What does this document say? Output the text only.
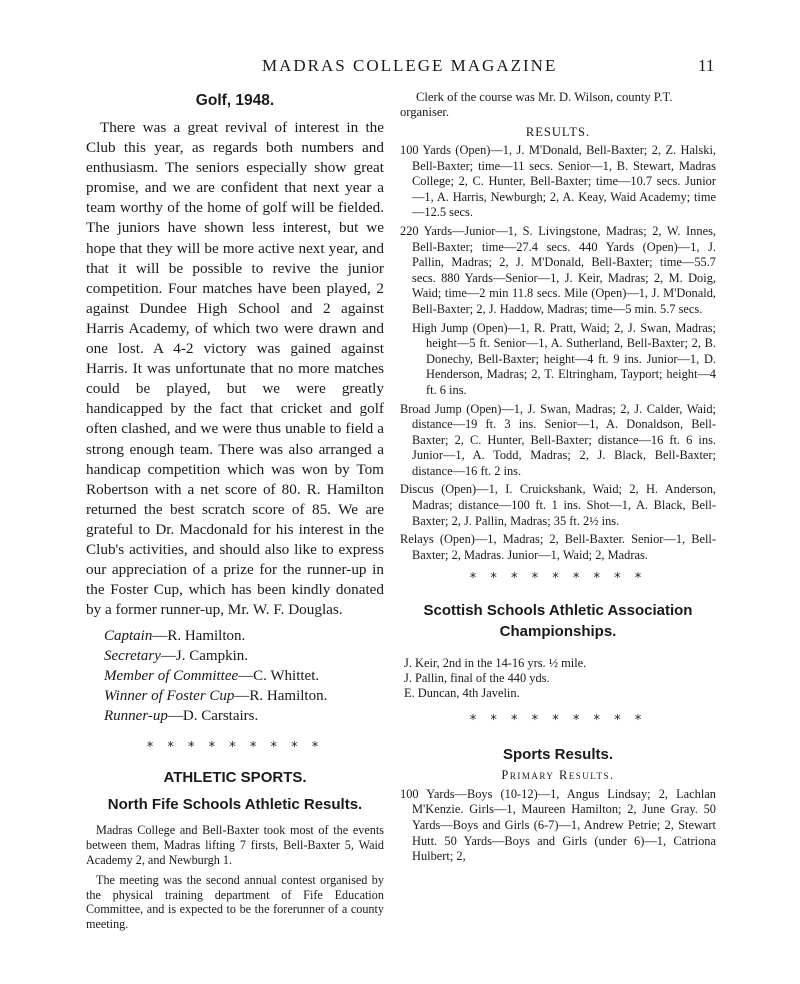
MADRAS COLLEGE MAGAZINE	11
Golf, 1948.

There was a great revival of interest in the Club this year, as regards both numbers and enthusiasm. The seniors especially show great promise, and we are confident that next year a team worthy of the home of golf will be fielded. The juniors have shown less interest, but we hope that they will be more active next year, and that it will be possible to revive the junior competition. Four matches have been played, 2 against Dundee High School and 2 against Harris Academy, of which two were drawn and one lost. A 4-2 victory was gained against Harris. It was unfortunate that no more matches could be played, but we were greatly handicapped by the fact that cricket and golf often clashed, and we were thus unable to field a strong enough team. There was also arranged a handicap competition which was won by Tom Robertson with a net score of 80. R. Hamilton returned the best scratch score of 85. We are grateful to Dr. Macdonald for his interest in the Club's activities, and should also like to express our appreciation of a prize for the runner-up in the Foster Cup, which has been kindly donated by a former runner-up, Mr. W. F. Douglas.

Captain—R. Hamilton.
Secretary—J. Campkin.
Member of Committee—C. Whittet.
Winner of Foster Cup—R. Hamilton.
Runner-up—D. Carstairs.
* * * * * * * * *
ATHLETIC SPORTS.
North Fife Schools Athletic Results.

Madras College and Bell-Baxter took most of the events between them, Madras lifting 7 firsts, Bell-Baxter 5, Waid Academy 2, and Newburgh 1.

The meeting was the second annual contest organised by the physical training department of Fife Education Committee, and is expected to be the forerunner of a county meeting.

Clerk of the course was Mr. D. Wilson, county P.T. organiser.

RESULTS.

100 Yards (Open)—1, J. M'Donald, Bell-Baxter; 2, Z. Halski, Bell-Baxter; time—11 secs. Senior—1, B. Stewart, Madras College; 2, C. Hunter, Bell-Baxter; time—10.7 secs. Junior—1, A. Harris, Newburgh; 2, A. Keay, Waid Academy; time—12.5 secs.

220 Yards—Junior—1, S. Livingstone, Madras; 2, W. Innes, Bell-Baxter; time—27.4 secs. 440 Yards (Open)—1, J. Pallin, Madras; 2, J. M'Donald, Bell-Baxter; time—55.7 secs. 880 Yards—Senior—1, J. Keir, Madras; 2, M. Doig, Waid; time—2 min 11.8 secs. Mile (Open)—1, J. M'Donald, Bell-Baxter; 2, J. Haddow, Madras; time—5 min. 5.7 secs.

High Jump (Open)—1, R. Pratt, Waid; 2, J. Swan, Madras; height—5 ft. Senior—1, A. Sutherland, Bell-Baxter; 2, B. Donechy, Bell-Baxter; height—4 ft. 9 ins. Junior—1, D. Henderson, Madras; 2, T. Eltringham, Tayport; height—4 ft. 6 ins.

Broad Jump (Open)—1, J. Swan, Madras; 2, J. Calder, Waid; distance—19 ft. 3 ins. Senior—1, A. Donaldson, Bell-Baxter; 2, C. Hunter, Bell-Baxter; distance—16 ft. 6 ins. Junior—1, A. Todd, Madras; 2, J. Black, Bell-Baxter; distance—16 ft. 2 ins.

Discus (Open)—1, I. Cruickshank, Waid; 2, H. Anderson, Madras; distance—100 ft. 1 ins. Shot—1, A. Black, Bell-Baxter; 2, J. Pallin, Madras; 35 ft. 2½ ins.

Relays (Open)—1, Madras; 2, Bell-Baxter. Senior—1, Bell-Baxter; 2, Madras. Junior—1, Waid; 2, Madras.

* * * * * * * * *
Scottish Schools Athletic Association Championships.

J. Keir, 2nd in the 14-16 yrs. ½ mile.

J. Pallin, final of the 440 yds.

E. Duncan, 4th Javelin.

* * * * * * * * *
Sports Results.
Primary Results.

100 Yards—Boys (10-12)—1, Angus Lindsay; 2, Lachlan M'Kenzie. Girls—1, Maureen Hamilton; 2, June Gray. 50 Yards—Boys and Girls (6-7)—1, Andrew Petrie; 2, Stewart Hutt. 50 Yards—Boys and Girls (under 6)—1, Catriona Hulbert; 2,
